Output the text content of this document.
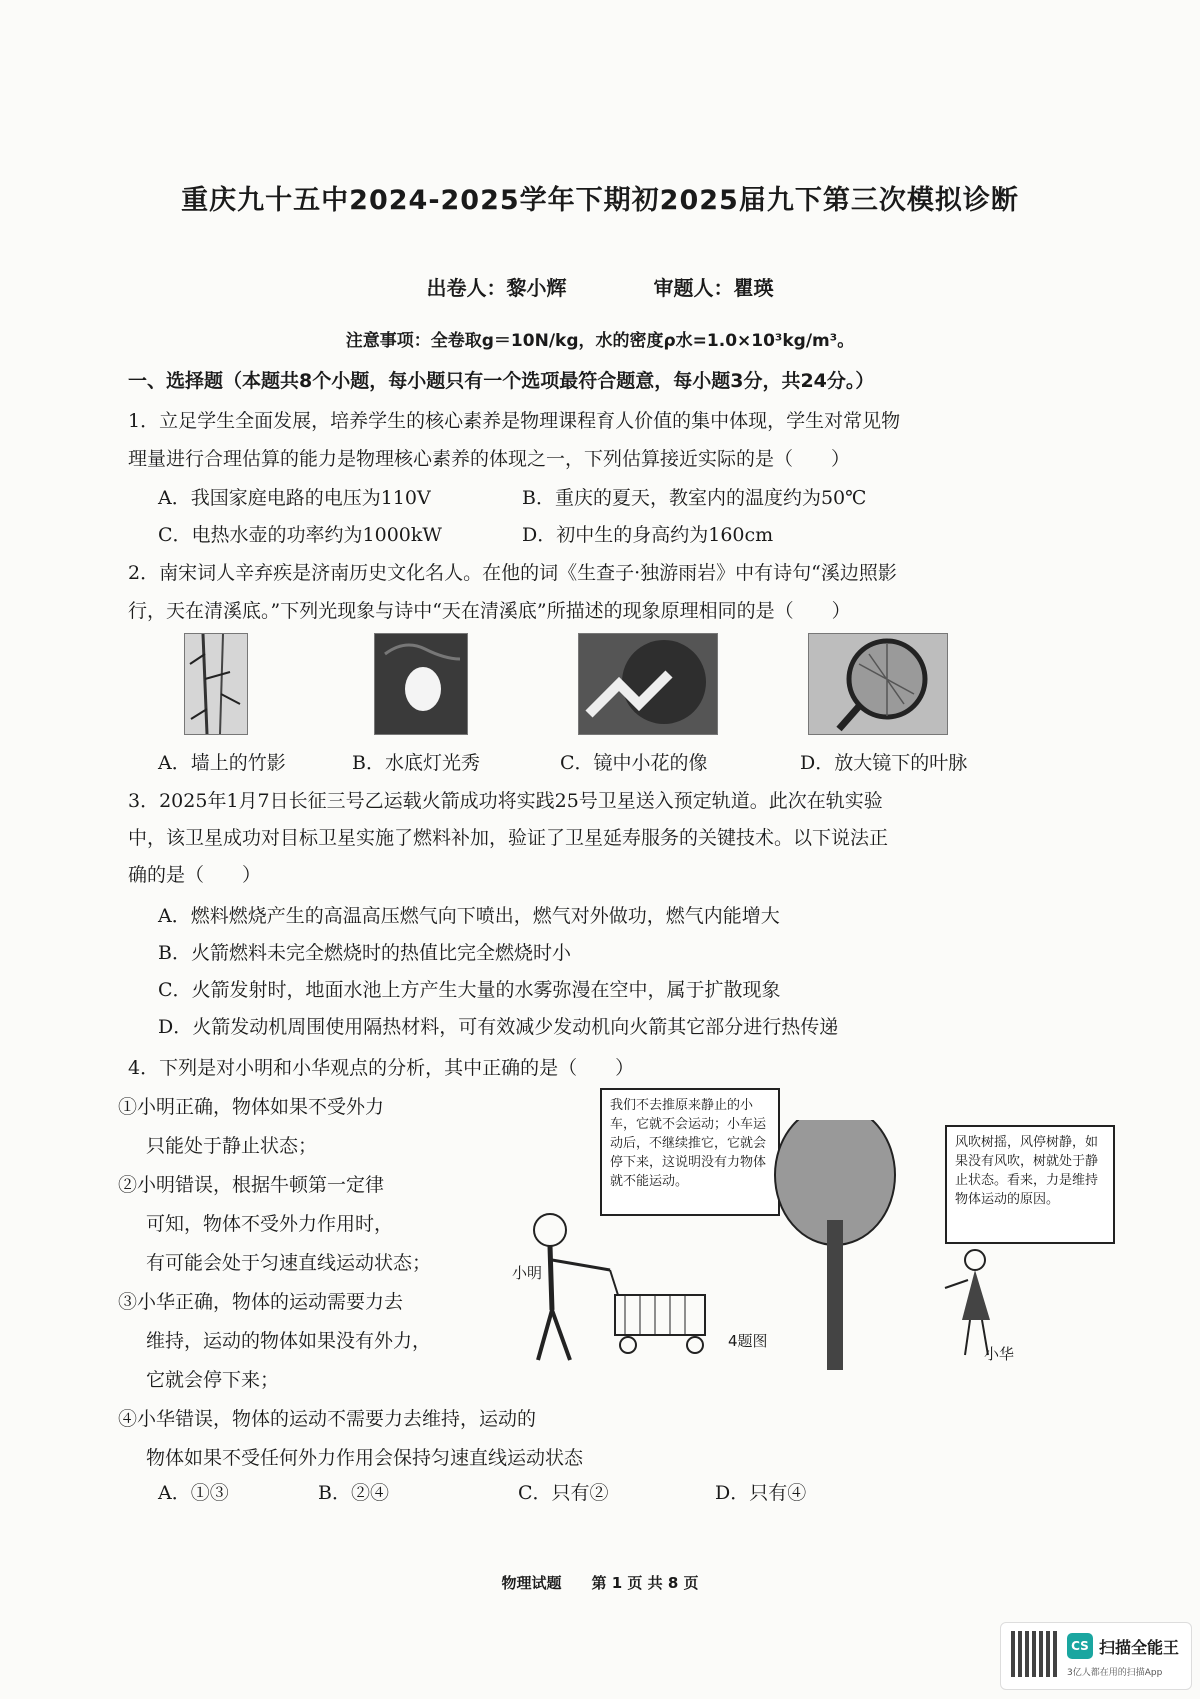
重庆九十五中2024-2025学年下期初2025届九下第三次模拟诊断
出卷人：黎小辉	审题人：瞿瑛
注意事项：全卷取g＝10N/kg，水的密度ρ水=1.0×10³kg/m³。
一、选择题（本题共8个小题，每小题只有一个选项最符合题意，每小题3分，共24分。）
1．立足学生全面发展，培养学生的核心素养是物理课程育人价值的集中体现，学生对常见物
理量进行合理估算的能力是物理核心素养的体现之一，下列估算接近实际的是（　　）
A．我国家庭电路的电压为110V	B．重庆的夏天，教室内的温度约为50℃
C．电热水壶的功率约为1000kW	D．初中生的身高约为160cm
2．南宋词人辛弃疾是济南历史文化名人。在他的词《生查子·独游雨岩》中有诗句“溪边照影
行，天在清溪底。”下列光现象与诗中“天在清溪底”所描述的现象原理相同的是（　　）
A．墙上的竹影	B．水底灯光秀	C．镜中小花的像	D．放大镜下的叶脉
3．2025年1月7日长征三号乙运载火箭成功将实践25号卫星送入预定轨道。此次在轨实验
中，该卫星成功对目标卫星实施了燃料补加，验证了卫星延寿服务的关键技术。以下说法正
确的是（　　）
A．燃料燃烧产生的高温高压燃气向下喷出，燃气对外做功，燃气内能增大
B．火箭燃料未完全燃烧时的热值比完全燃烧时小
C．火箭发射时，地面水池上方产生大量的水雾弥漫在空中，属于扩散现象
D．火箭发动机周围使用隔热材料，可有效减少发动机向火箭其它部分进行热传递
4．下列是对小明和小华观点的分析，其中正确的是（　　）
①小明正确，物体如果不受外力
只能处于静止状态；
②小明错误，根据牛顿第一定律
可知，物体不受外力作用时，
有可能会处于匀速直线运动状态；
③小华正确，物体的运动需要力去
维持，运动的物体如果没有外力，
它就会停下来；
④小华错误，物体的运动不需要力去维持，运动的
物体如果不受任何外力作用会保持匀速直线运动状态
我们不去推原来静止的小车，它就不会运动；小车运动后，不继续推它，它就会停下来，这说明没有力物体就不能运动。
风吹树摇，风停树静，如果没有风吹，树就处于静止状态。看来，力是维持物体运动的原因。
小明
4题图
小华
A．①③	B．②④	C．只有②	D．只有④
物理试题　　第 1 页 共 8 页
CS 扫描全能王
3亿人都在用的扫描App
